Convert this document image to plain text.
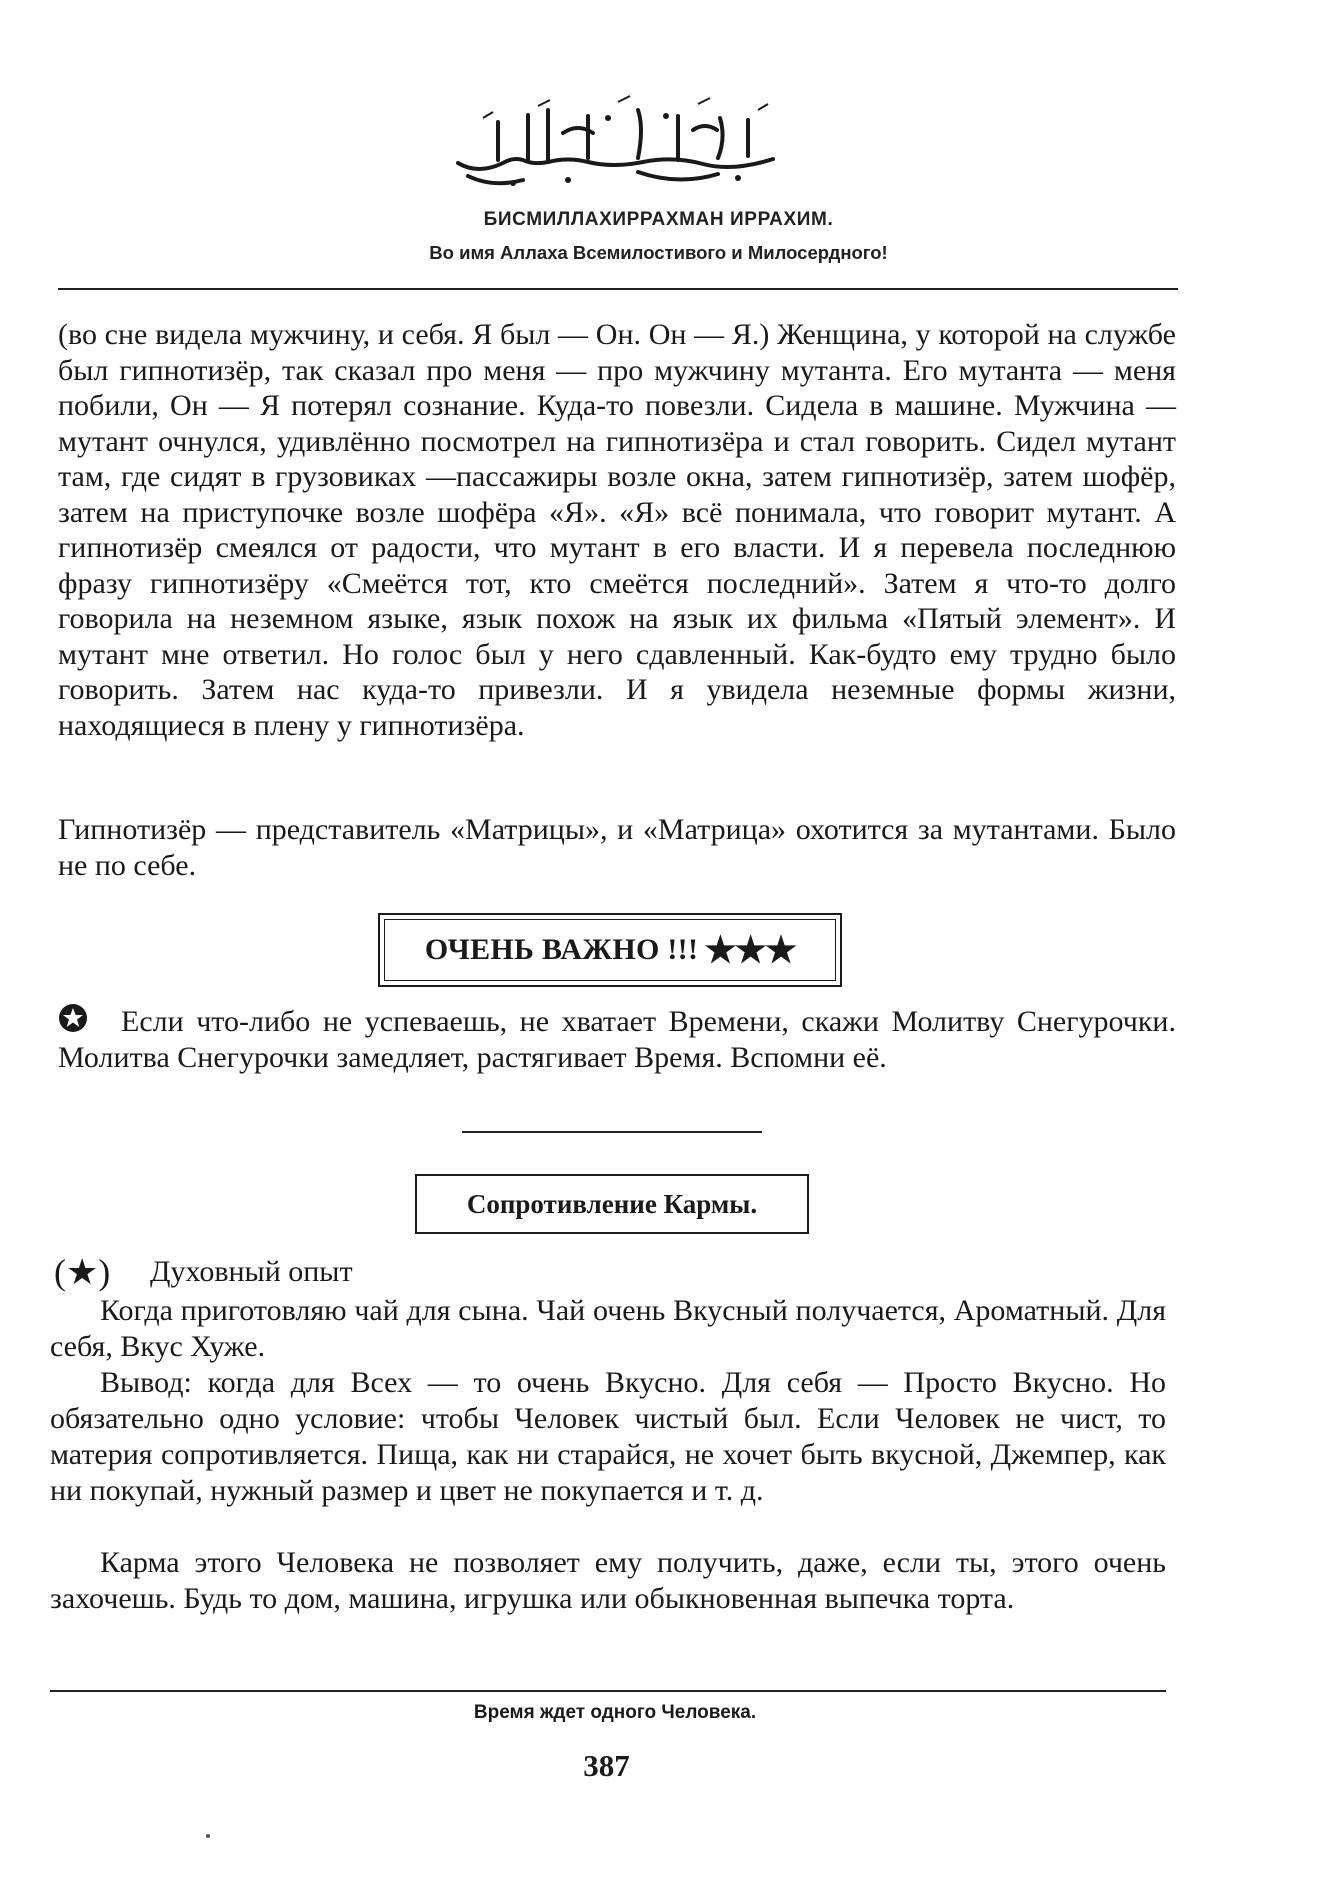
БИСМИЛЛАХИРРАХМАН ИРРАХИМ.
Во имя Аллаха Всемилостивого и Милосердного!

(во сне видела мужчину, и себя. Я был — Он. Он — Я.) Женщина, у которой на службе был гипнотизёр, так сказал про меня — про мужчину мутанта. Его мутанта — меня побили, Он — Я потерял сознание. Куда-то повезли. Сидела в машине. Мужчина — мутант очнулся, удивлённо посмотрел на гипнотизёра и стал говорить. Сидел мутант там, где сидят в грузовиках —пассажиры возле окна, затем гипнотизёр, затем шофёр, затем на приступочке возле шофёра «Я». «Я» всё понимала, что говорит мутант. А гипнотизёр смеялся от радости, что мутант в его власти. И я перевела последнюю фразу гипнотизёру «Смеётся тот, кто смеётся последний». Затем я что-то долго говорила на неземном языке, язык похож на язык их фильма «Пятый элемент». И мутант мне ответил. Но голос был у него сдавленный. Как-будто ему трудно было говорить. Затем нас куда-то привезли. И я увидела неземные формы жизни, находящиеся в плену у гипнотизёра.

Гипнотизёр — представитель «Матрицы», и «Матрица» охотится за мутантами. Было не по себе.

ОЧЕНЬ ВАЖНО !!! ★★★

Если что-либо не успеваешь, не хватает Времени, скажи Молитву Снегурочки. Молитва Снегурочки замедляет, растягивает Время. Вспомни её.

Сопротивление Кармы.
(★) Духовный опыт

Когда приготовляю чай для сына. Чай очень Вкусный получается, Ароматный. Для себя, Вкус Хуже.

Вывод: когда для Всех — то очень Вкусно. Для себя — Просто Вкусно. Но обязательно одно условие: чтобы Человек чистый был. Если Человек не чист, то материя сопротивляется. Пища, как ни старайся, не хочет быть вкусной, Джемпер, как ни покупай, нужный размер и цвет не покупается и т. д.

Карма этого Человека не позволяет ему получить, даже, если ты, этого очень захочешь. Будь то дом, машина, игрушка или обыкновенная выпечка торта.

Время ждет одного Человека.
387
